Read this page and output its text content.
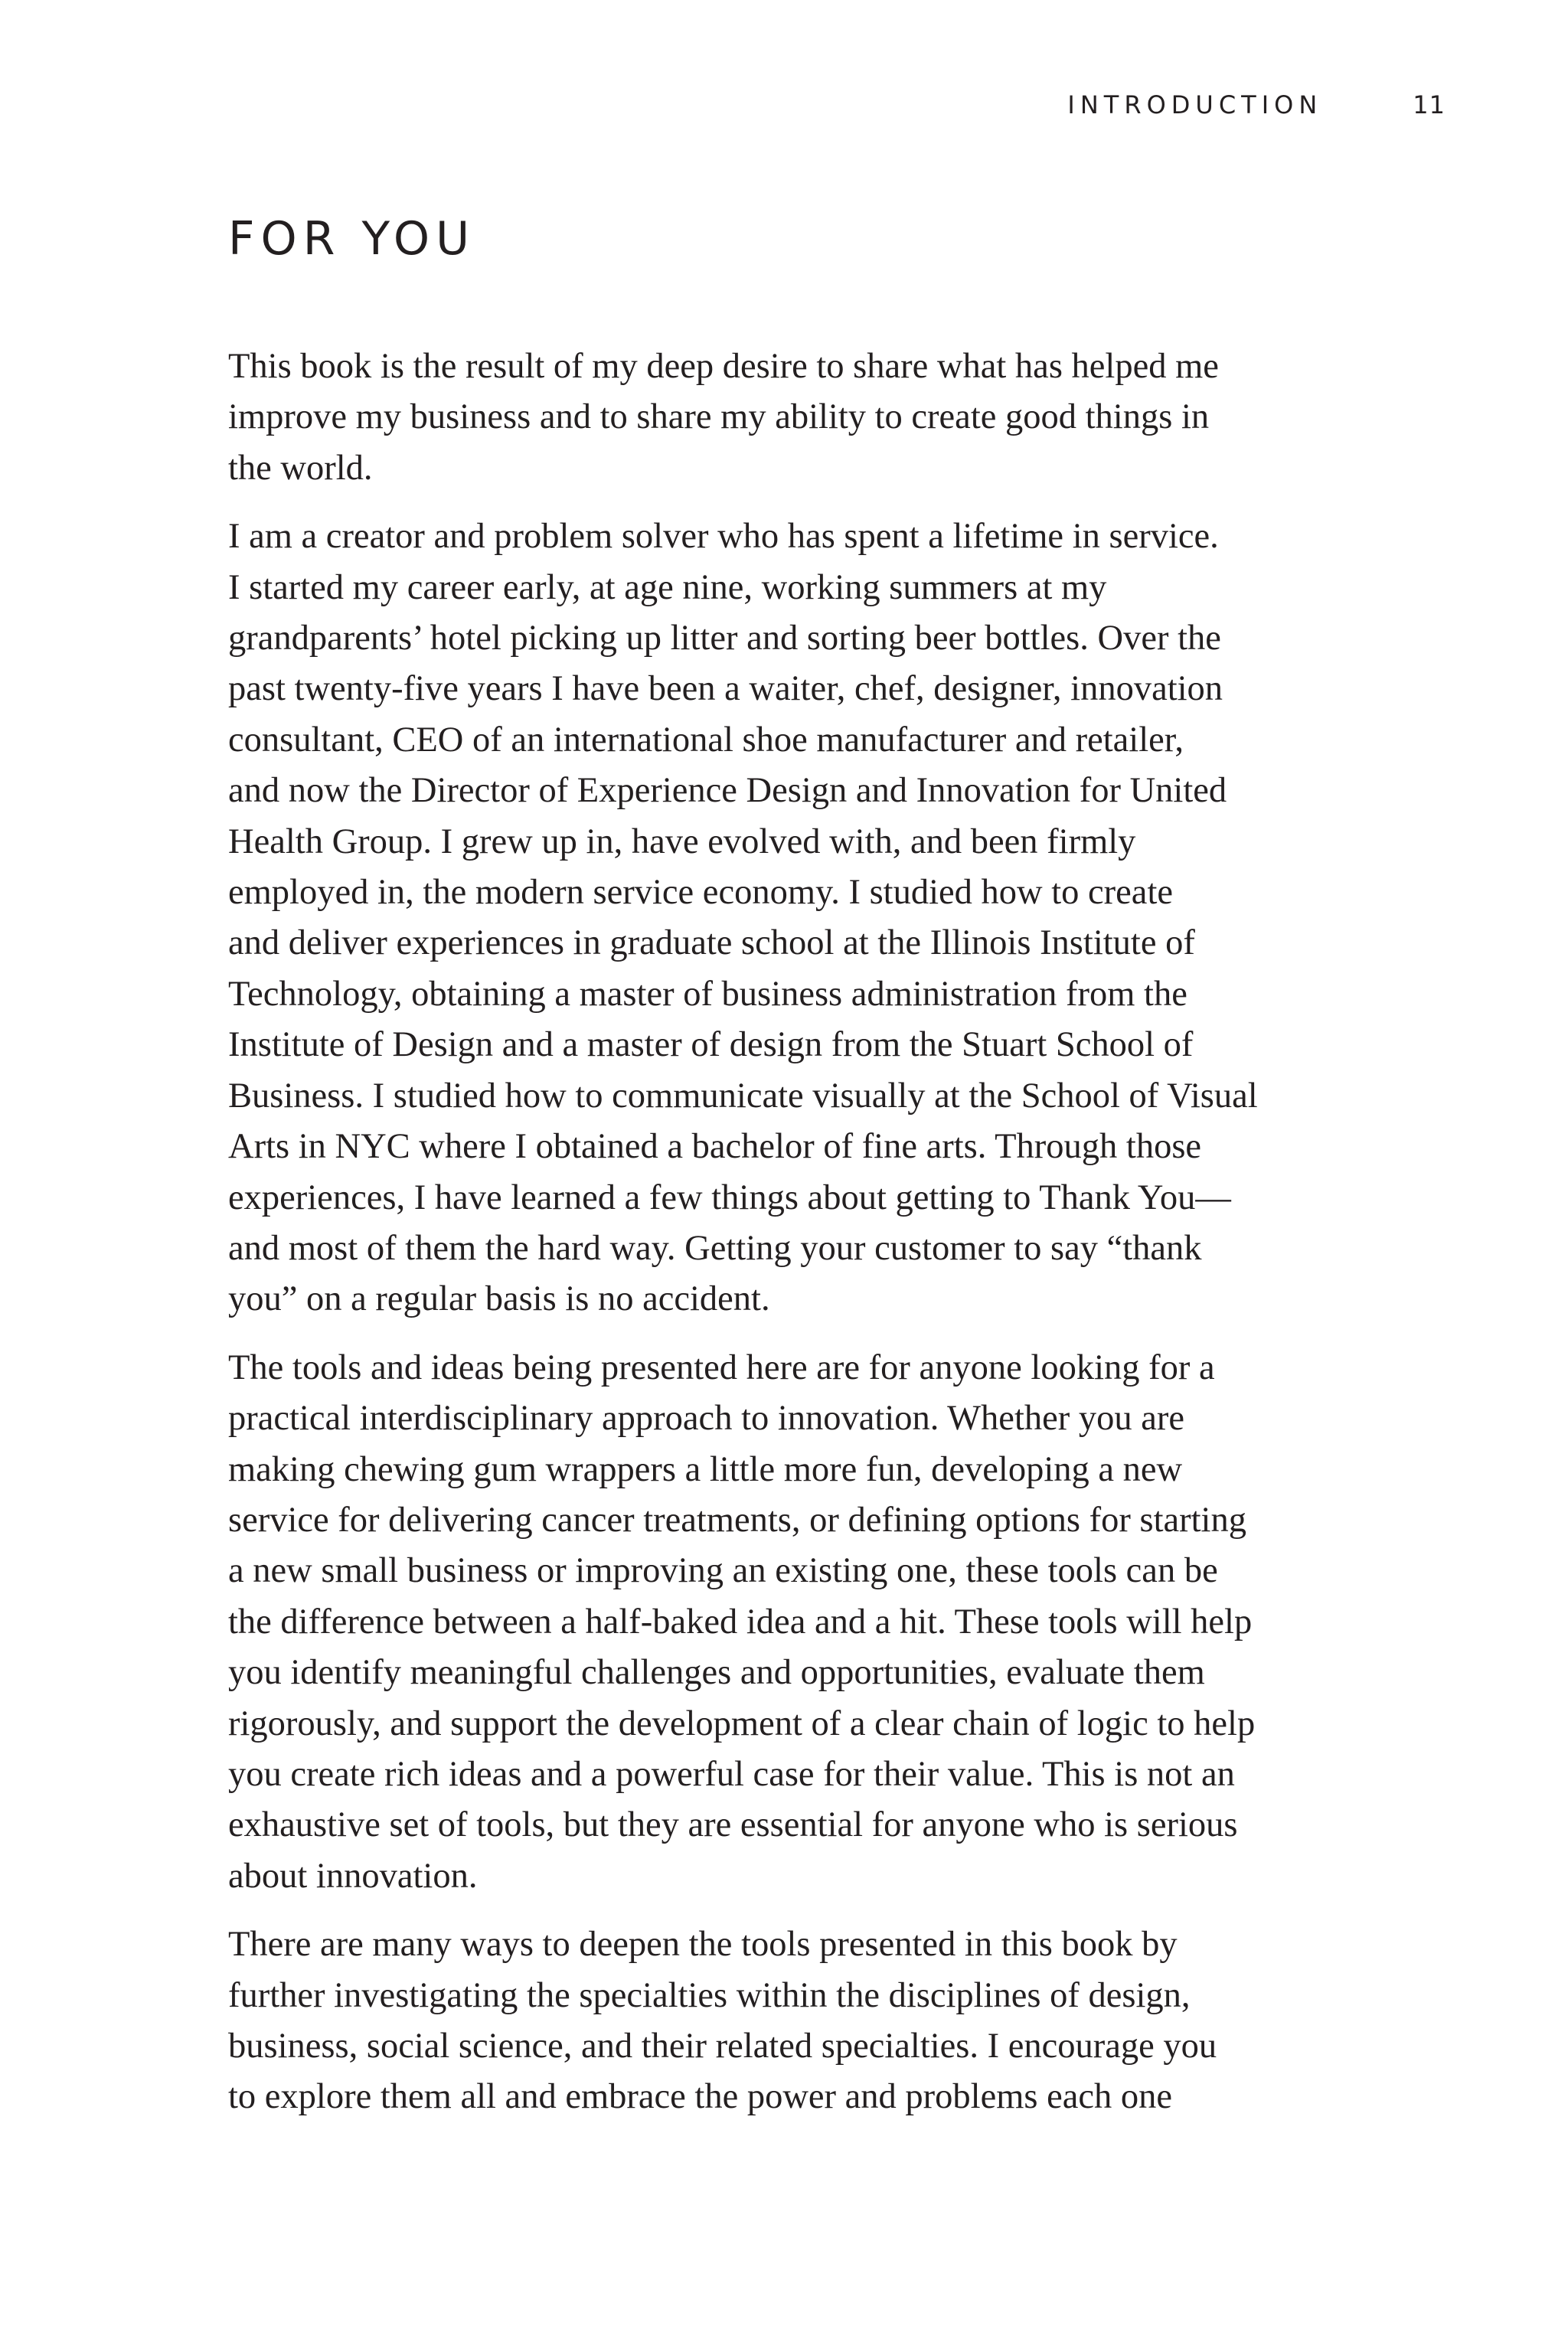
INTRODUCTION	11
FOR YOU

This book is the result of my deep desire to share what has helped me
improve my business and to share my ability to create good things in
the world.

I am a creator and problem solver who has spent a lifetime in service.
I started my career early, at age nine, working summers at my
grandparents’ hotel picking up litter and sorting beer bottles. Over the
past twenty-five years I have been a waiter, chef, designer, innovation
consultant, CEO of an international shoe manufacturer and retailer,
and now the Director of Experience Design and Innovation for United
Health Group. I grew up in, have evolved with, and been firmly
employed in, the modern service economy. I studied how to create
and deliver experiences in graduate school at the Illinois Institute of
Technology, obtaining a master of business administration from the
Institute of Design and a master of design from the Stuart School of
Business. I studied how to communicate visually at the School of Visual
Arts in NYC where I obtained a bachelor of fine arts. Through those
experiences, I have learned a few things about getting to Thank You—
and most of them the hard way. Getting your customer to say “thank
you” on a regular basis is no accident.

The tools and ideas being presented here are for anyone looking for a
practical interdisciplinary approach to innovation. Whether you are
making chewing gum wrappers a little more fun, developing a new
service for delivering cancer treatments, or defining options for starting
a new small business or improving an existing one, these tools can be
the difference between a half-baked idea and a hit. These tools will help
you identify meaningful challenges and opportunities, evaluate them
rigorously, and support the development of a clear chain of logic to help
you create rich ideas and a powerful case for their value. This is not an
exhaustive set of tools, but they are essential for anyone who is serious
about innovation.

There are many ways to deepen the tools presented in this book by
further investigating the specialties within the disciplines of design,
business, social science, and their related specialties. I encourage you
to explore them all and embrace the power and problems each one
